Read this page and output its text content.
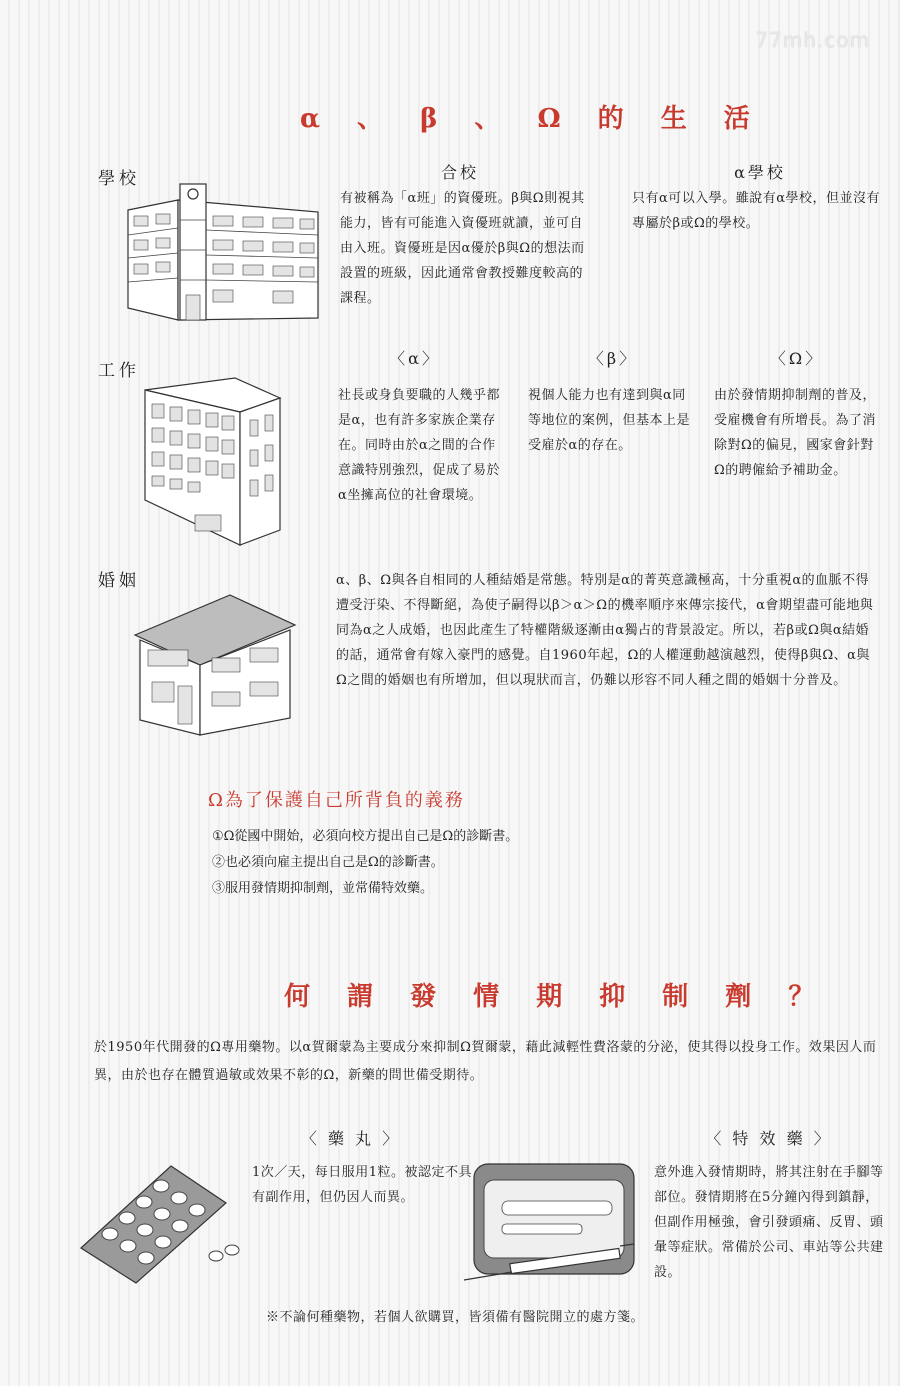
77mh.com
α 、 β 、 Ω 的 生 活
學校	合校
有被稱為「α班」的資優班。β與Ω則視其能力，皆有可能進入資優班就讀，並可自由入班。資優班是因α優於β與Ω的想法而設置的班級，因此通常會教授難度較高的課程。
α學校
只有α可以入學。雖說有α學校，但並沒有專屬於β或Ω的學校。
工作
〈α〉
社長或身負要職的人幾乎都是α，也有許多家族企業存在。同時由於α之間的合作意識特別強烈，促成了易於α坐擁高位的社會環境。
〈β〉
視個人能力也有達到與α同等地位的案例，但基本上是受雇於α的存在。
〈Ω〉
由於發情期抑制劑的普及，受雇機會有所增長。為了消除對Ω的偏見，國家會針對Ω的聘僱給予補助金。
婚姻	α、β、Ω與各自相同的人種結婚是常態。特別是α的菁英意識極高，十分重視α的血脈不得遭受汙染、不得斷絕，為使子嗣得以β＞α＞Ω的機率順序來傳宗接代，α會期望盡可能地與同為α之人成婚，也因此產生了特權階級逐漸由α獨占的背景設定。所以，若β或Ω與α結婚的話，通常會有嫁入豪門的感覺。自1960年起，Ω的人權運動越演越烈，使得β與Ω、α與Ω之間的婚姻也有所增加，但以現狀而言，仍難以形容不同人種之間的婚姻十分普及。
Ω為了保護自己所背負的義務
①Ω從國中開始，必須向校方提出自己是Ω的診斷書。
②也必須向雇主提出自己是Ω的診斷書。
③服用發情期抑制劑，並常備特效藥。
何 謂 發 情 期 抑 制 劑 ？
於1950年代開發的Ω專用藥物。以α賀爾蒙為主要成分來抑制Ω賀爾蒙，藉此減輕性費洛蒙的分泌，使其得以投身工作。效果因人而異，由於也存在體質過敏或效果不彰的Ω，新藥的問世備受期待。
〈 藥 丸 〉
1次／天，每日服用1粒。被認定不具有副作用，但仍因人而異。
〈 特 效 藥 〉
意外進入發情期時，將其注射在手腳等部位。發情期將在5分鐘內得到鎮靜，但副作用極強，會引發頭痛、反胃、頭暈等症狀。常備於公司、車站等公共建設。
※不論何種藥物，若個人欲購買，皆須備有醫院開立的處方箋。
